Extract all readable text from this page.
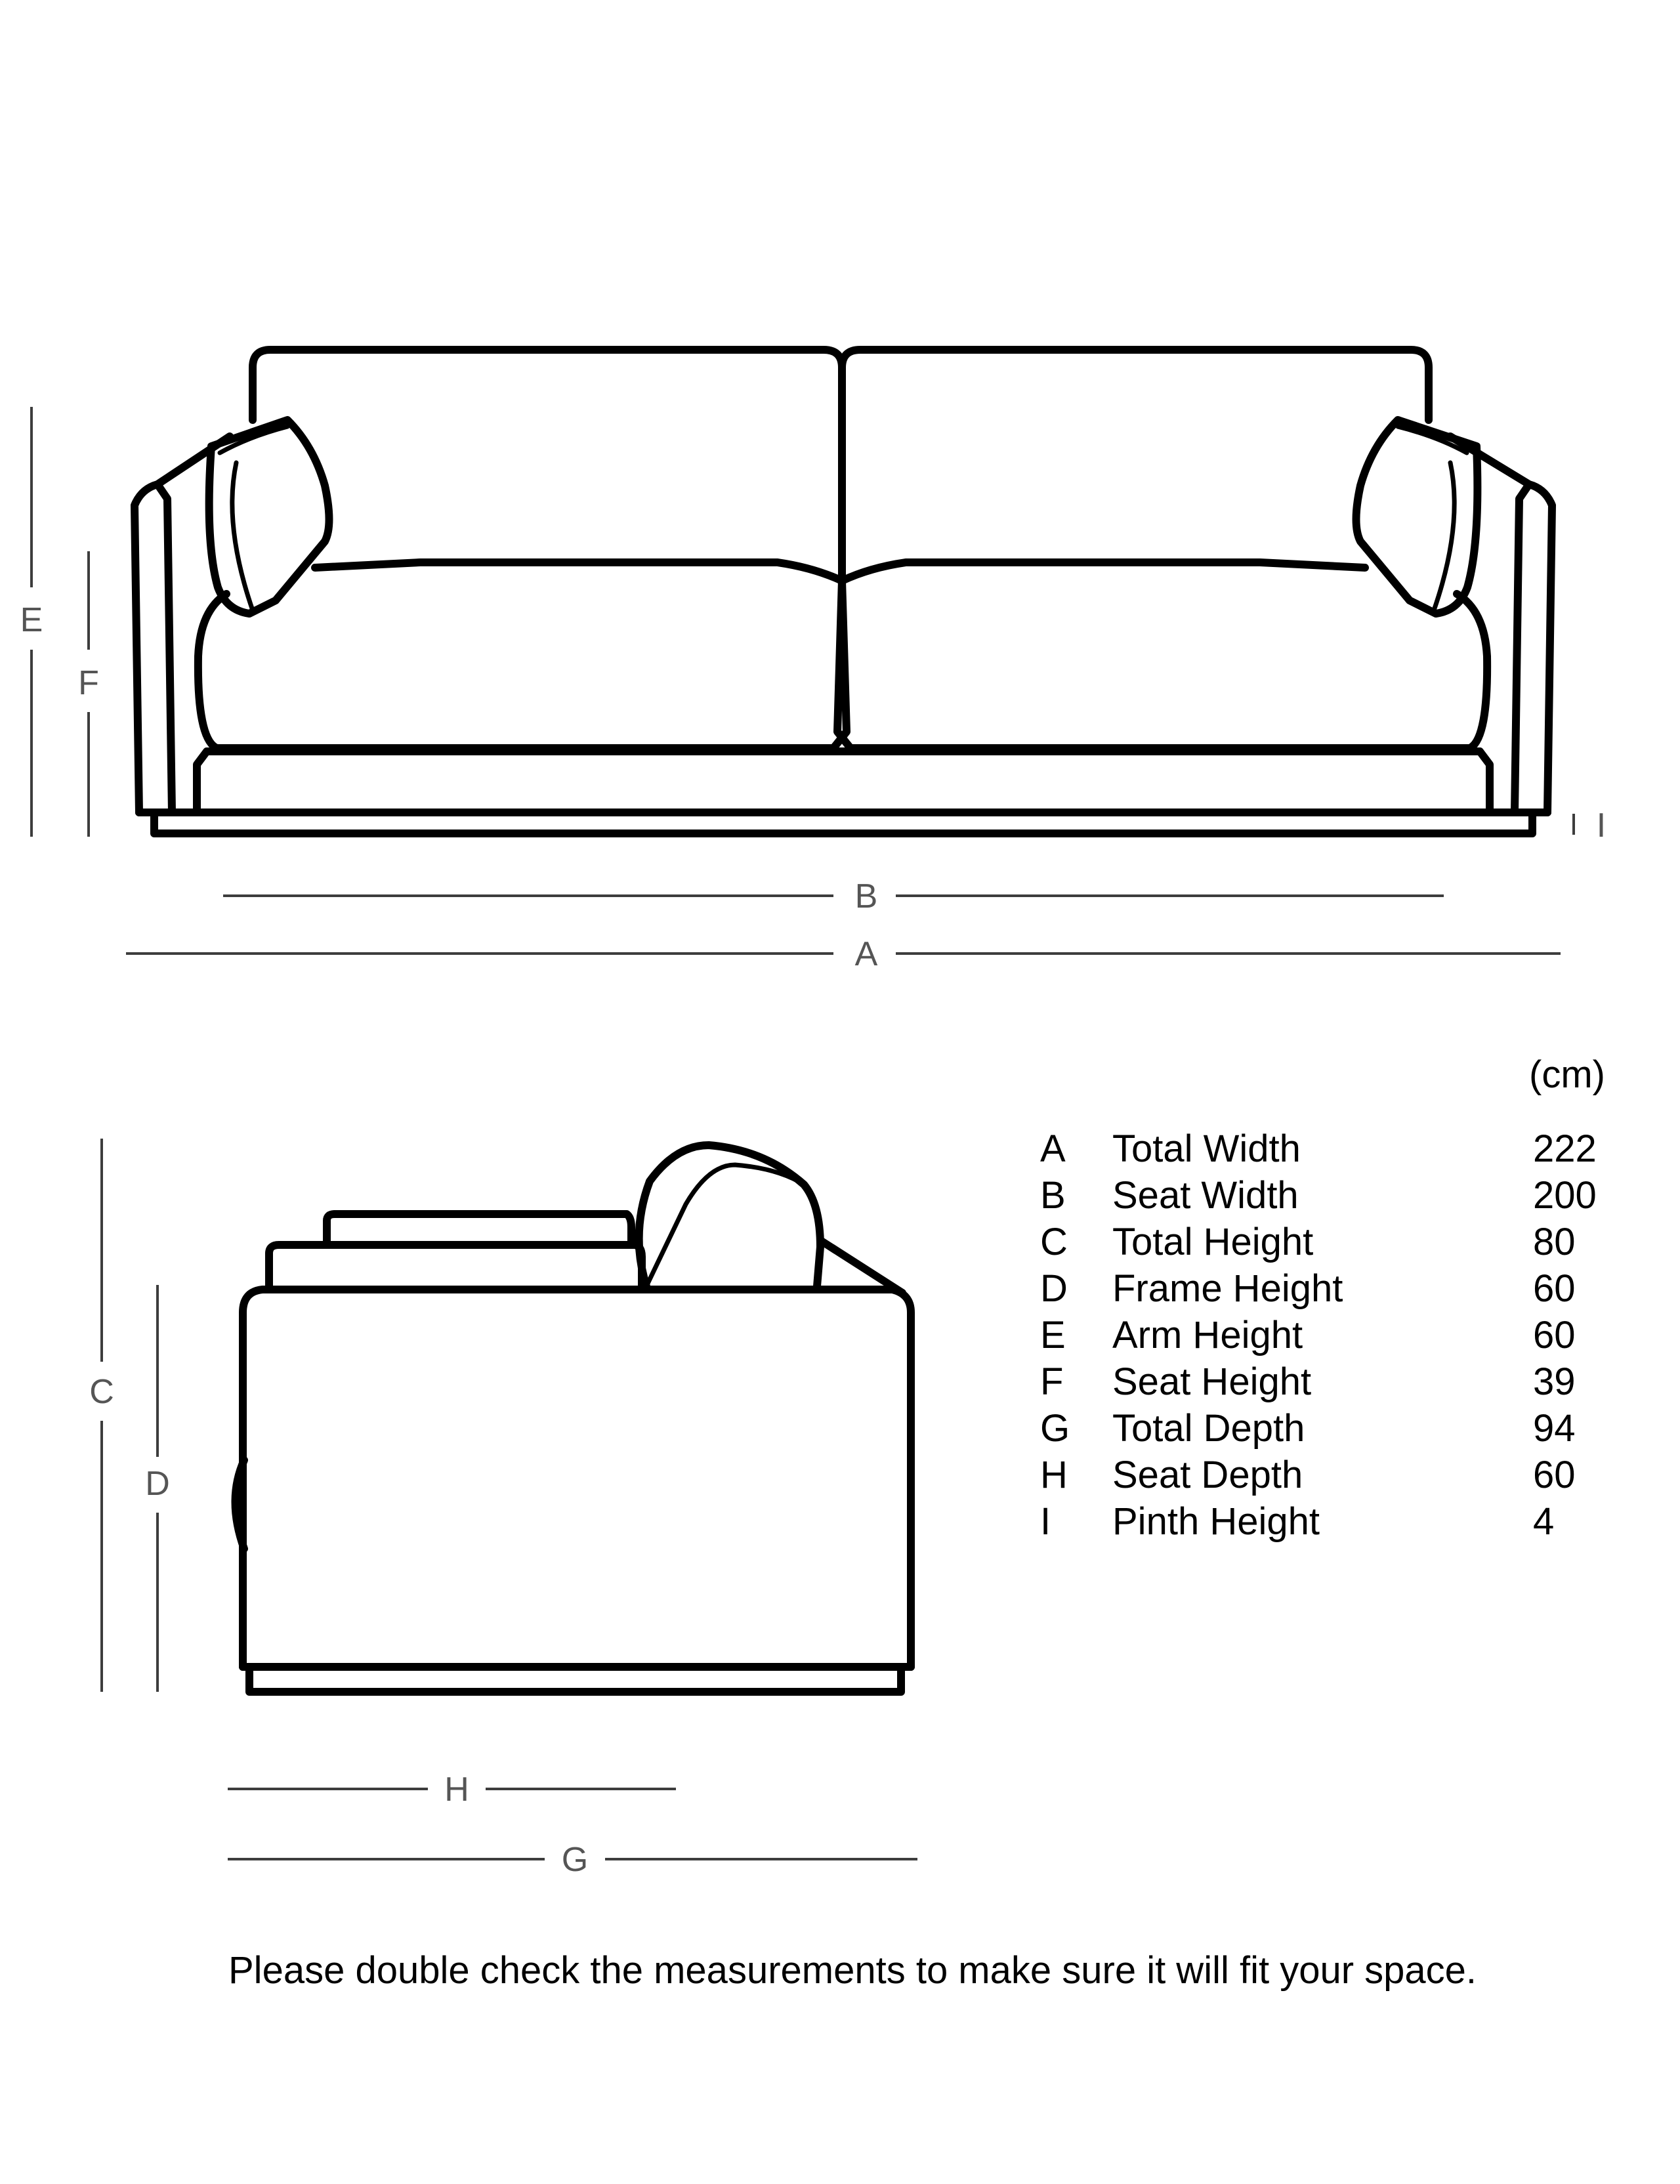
E
F
I
B
A
C
D
H
G
(cm)
A Total Width	222
B Seat Width	200
C Total Height	80
D Frame Height	60
E Arm Height	60
F Seat Height	39
G Total Depth	94
H Seat Depth	60
I Pinth Height	4
Please double check the measurements to make sure it will fit your space.
